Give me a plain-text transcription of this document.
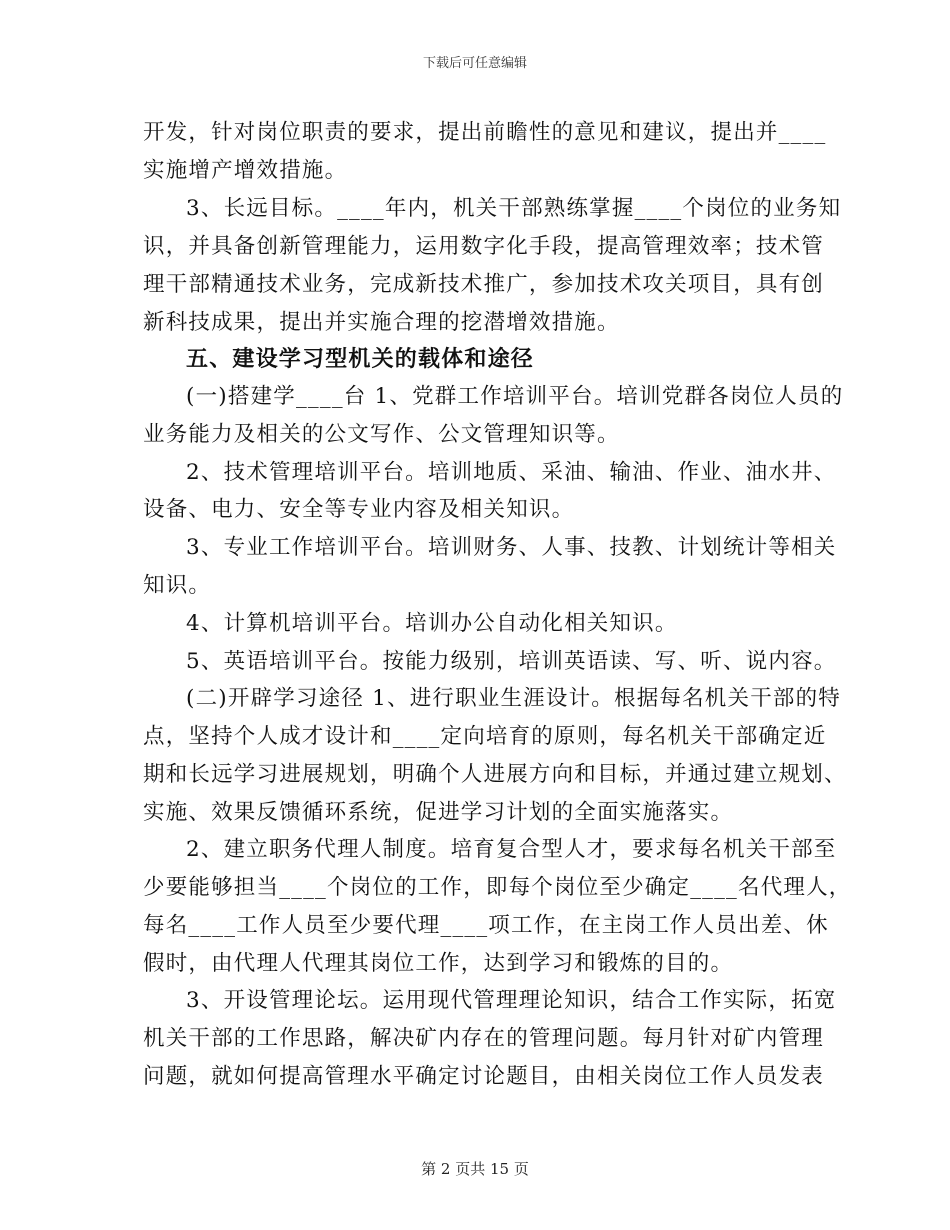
下载后可任意编辑
开发，针对岗位职责的要求，提出前瞻性的意见和建议，提出并____
实施增产增效措施。
3、长远目标。____年内，机关干部熟练掌握____个岗位的业务知
识，并具备创新管理能力，运用数字化手段，提高管理效率；技术管
理干部精通技术业务，完成新技术推广，参加技术攻关项目，具有创
新科技成果，提出并实施合理的挖潜增效措施。
五、建设学习型机关的载体和途径
(一)搭建学____台 1、党群工作培训平台。培训党群各岗位人员的
业务能力及相关的公文写作、公文管理知识等。
2、技术管理培训平台。培训地质、采油、输油、作业、油水井、
设备、电力、安全等专业内容及相关知识。
3、专业工作培训平台。培训财务、人事、技教、计划统计等相关
知识。
4、计算机培训平台。培训办公自动化相关知识。
5、英语培训平台。按能力级别，培训英语读、写、听、说内容。
(二)开辟学习途径 1、进行职业生涯设计。根据每名机关干部的特
点，坚持个人成才设计和____定向培育的原则，每名机关干部确定近
期和长远学习进展规划，明确个人进展方向和目标，并通过建立规划、
实施、效果反馈循环系统，促进学习计划的全面实施落实。
2、建立职务代理人制度。培育复合型人才，要求每名机关干部至
少要能够担当____个岗位的工作，即每个岗位至少确定____名代理人，
每名____工作人员至少要代理____项工作，在主岗工作人员出差、休
假时，由代理人代理其岗位工作，达到学习和锻炼的目的。
3、开设管理论坛。运用现代管理理论知识，结合工作实际，拓宽
机关干部的工作思路，解决矿内存在的管理问题。每月针对矿内管理
问题，就如何提高管理水平确定讨论题目，由相关岗位工作人员发表
第 2 页共 15 页
